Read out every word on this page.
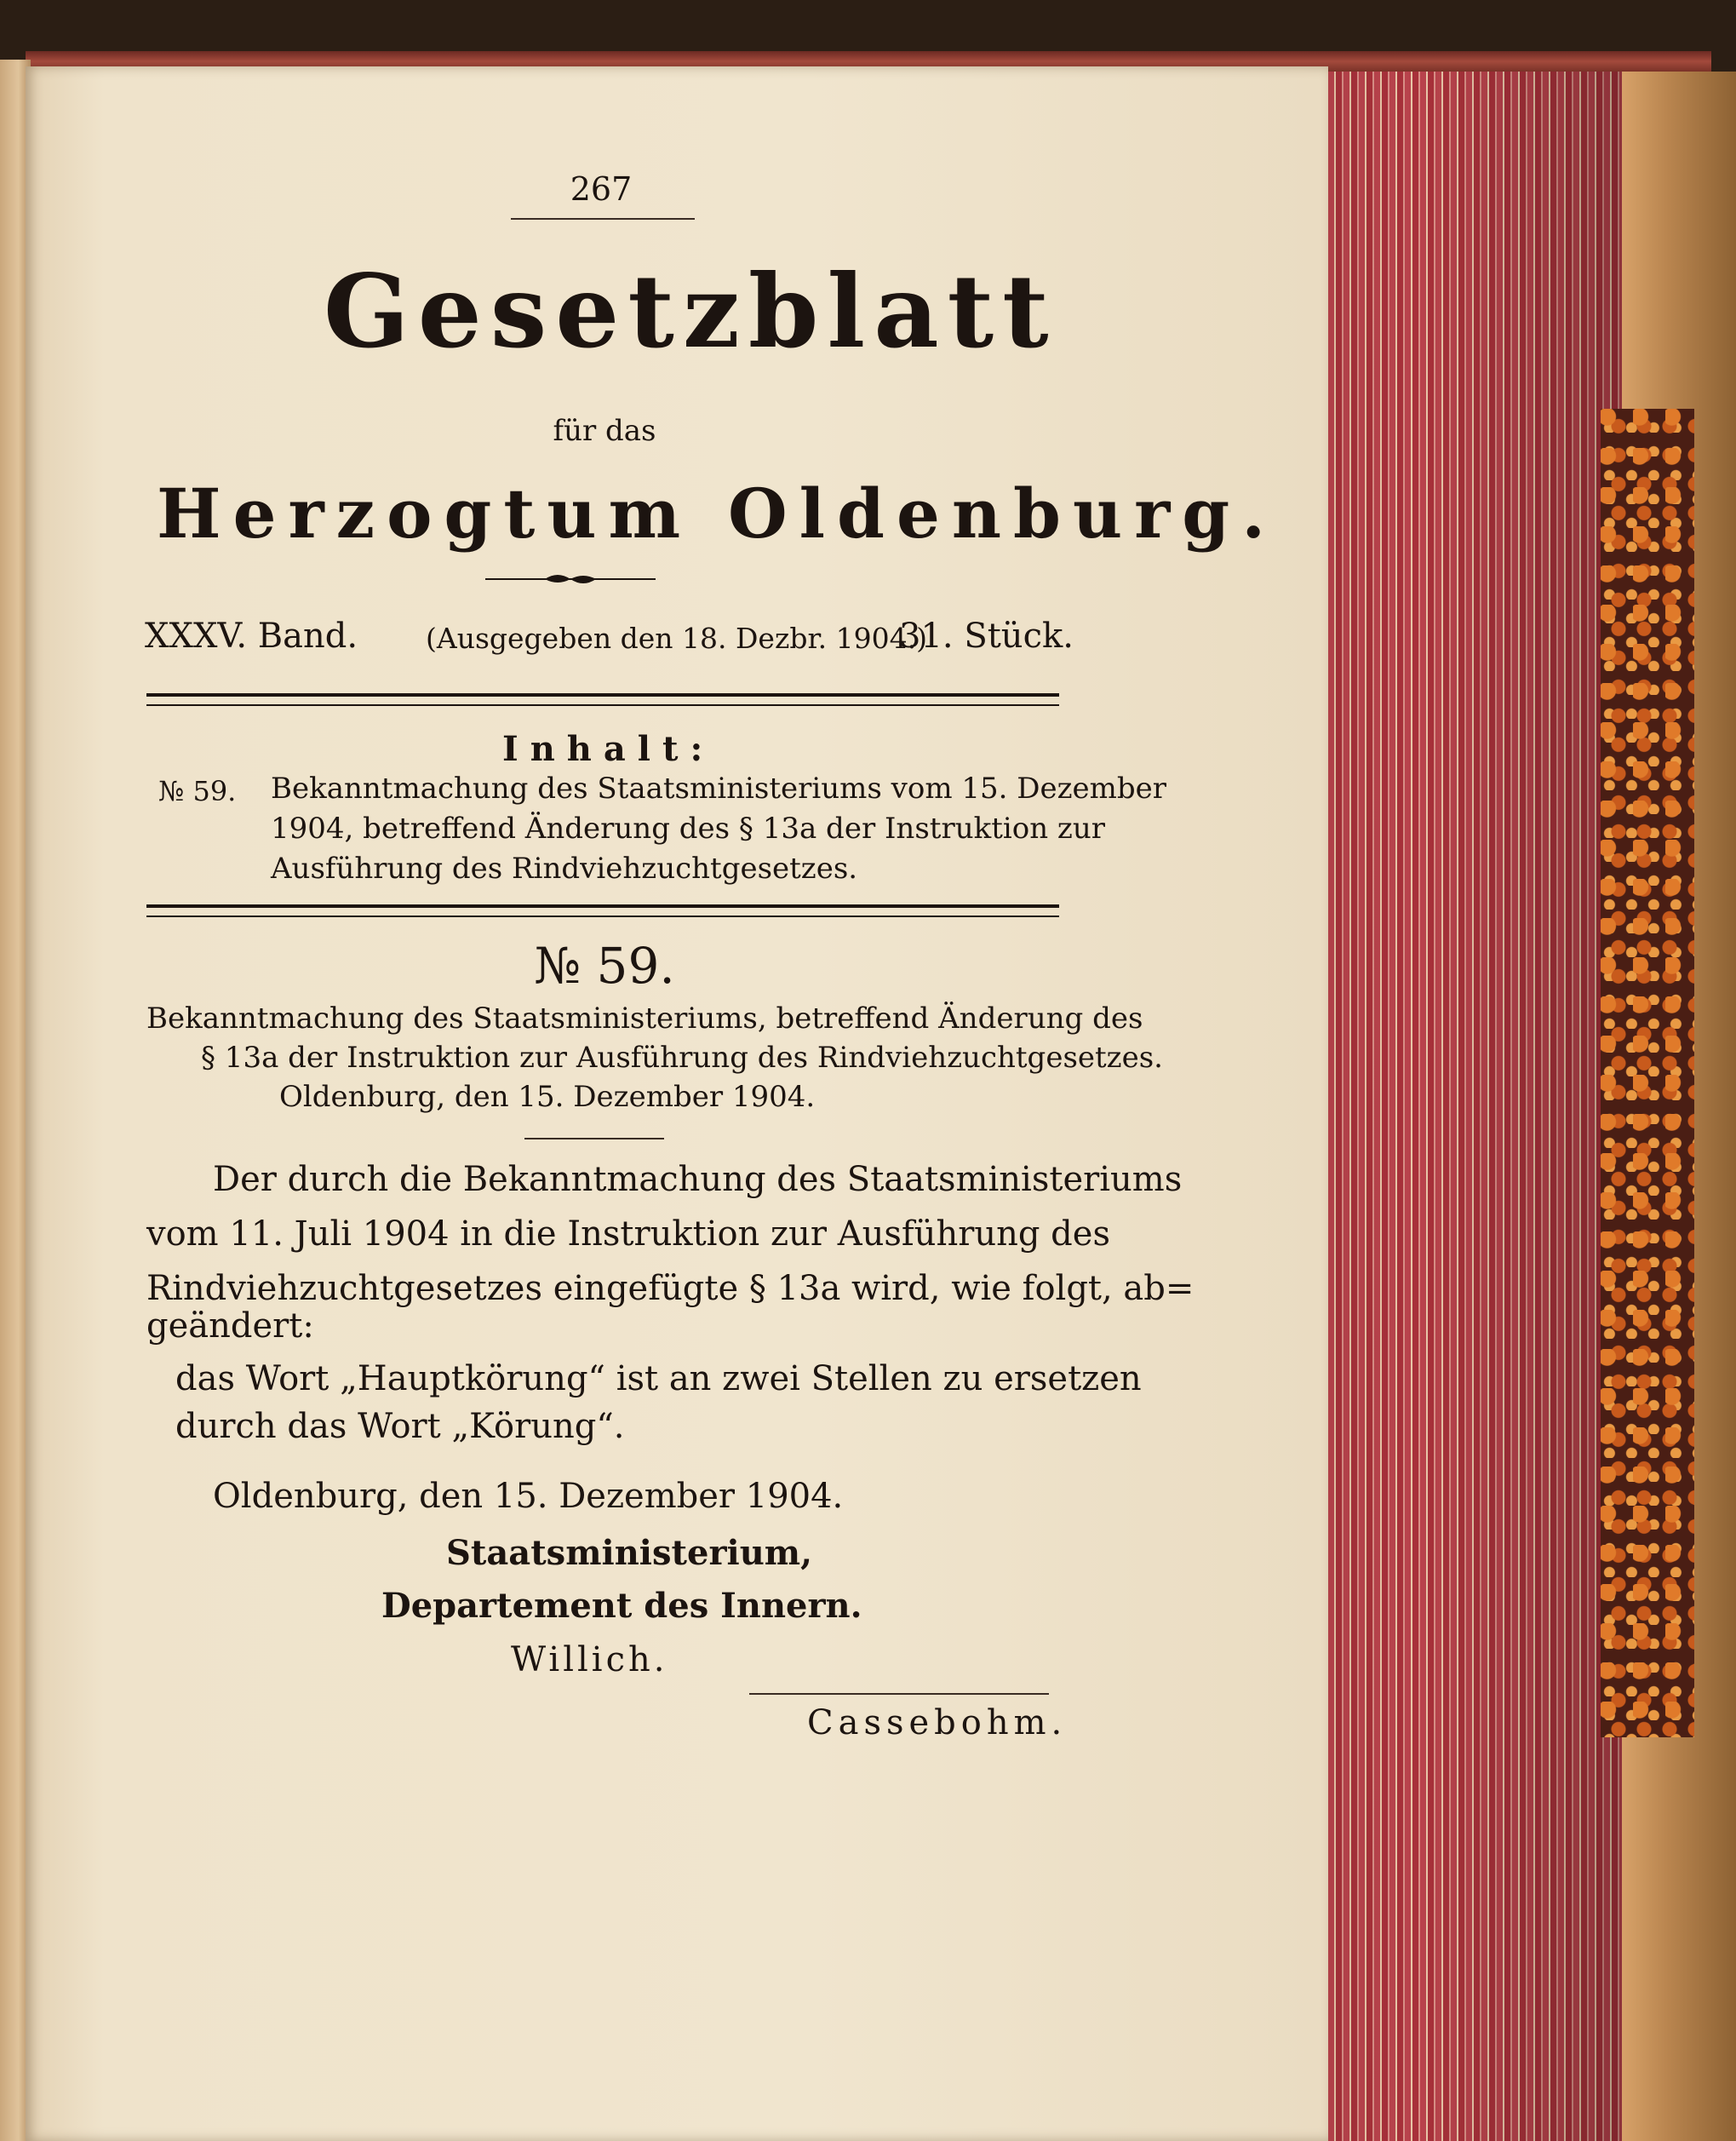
267
Gesetzblatt
für das
Herzogtum Oldenburg.
XXXV. Band. (Ausgegeben den 18. Dezbr. 1904.)
31. Stück.
Inhalt:
№ 59. Bekanntmachung des Staatsministeriums vom 15. Dezember
1904, betreffend Änderung des § 13a der Instruktion zur
Ausführung des Rindviehzuchtgesetzes.
№ 59.
Bekanntmachung des Staatsministeriums, betreffend Änderung des
§ 13a der Instruktion zur Ausführung des Rindviehzuchtgesetzes.
Oldenburg, den 15. Dezember 1904.
Der durch die Bekanntmachung des Staatsministeriums
vom 11. Juli 1904 in die Instruktion zur Ausführung des
Rindviehzuchtgesetzes eingefügte § 13a wird, wie folgt, ab=
geändert:
das Wort „Hauptkörung“ ist an zwei Stellen zu ersetzen
durch das Wort „Körung“.
Oldenburg, den 15. Dezember 1904.
Staatsministerium,
Departement des Innern.
Willich.
Cassebohm.
